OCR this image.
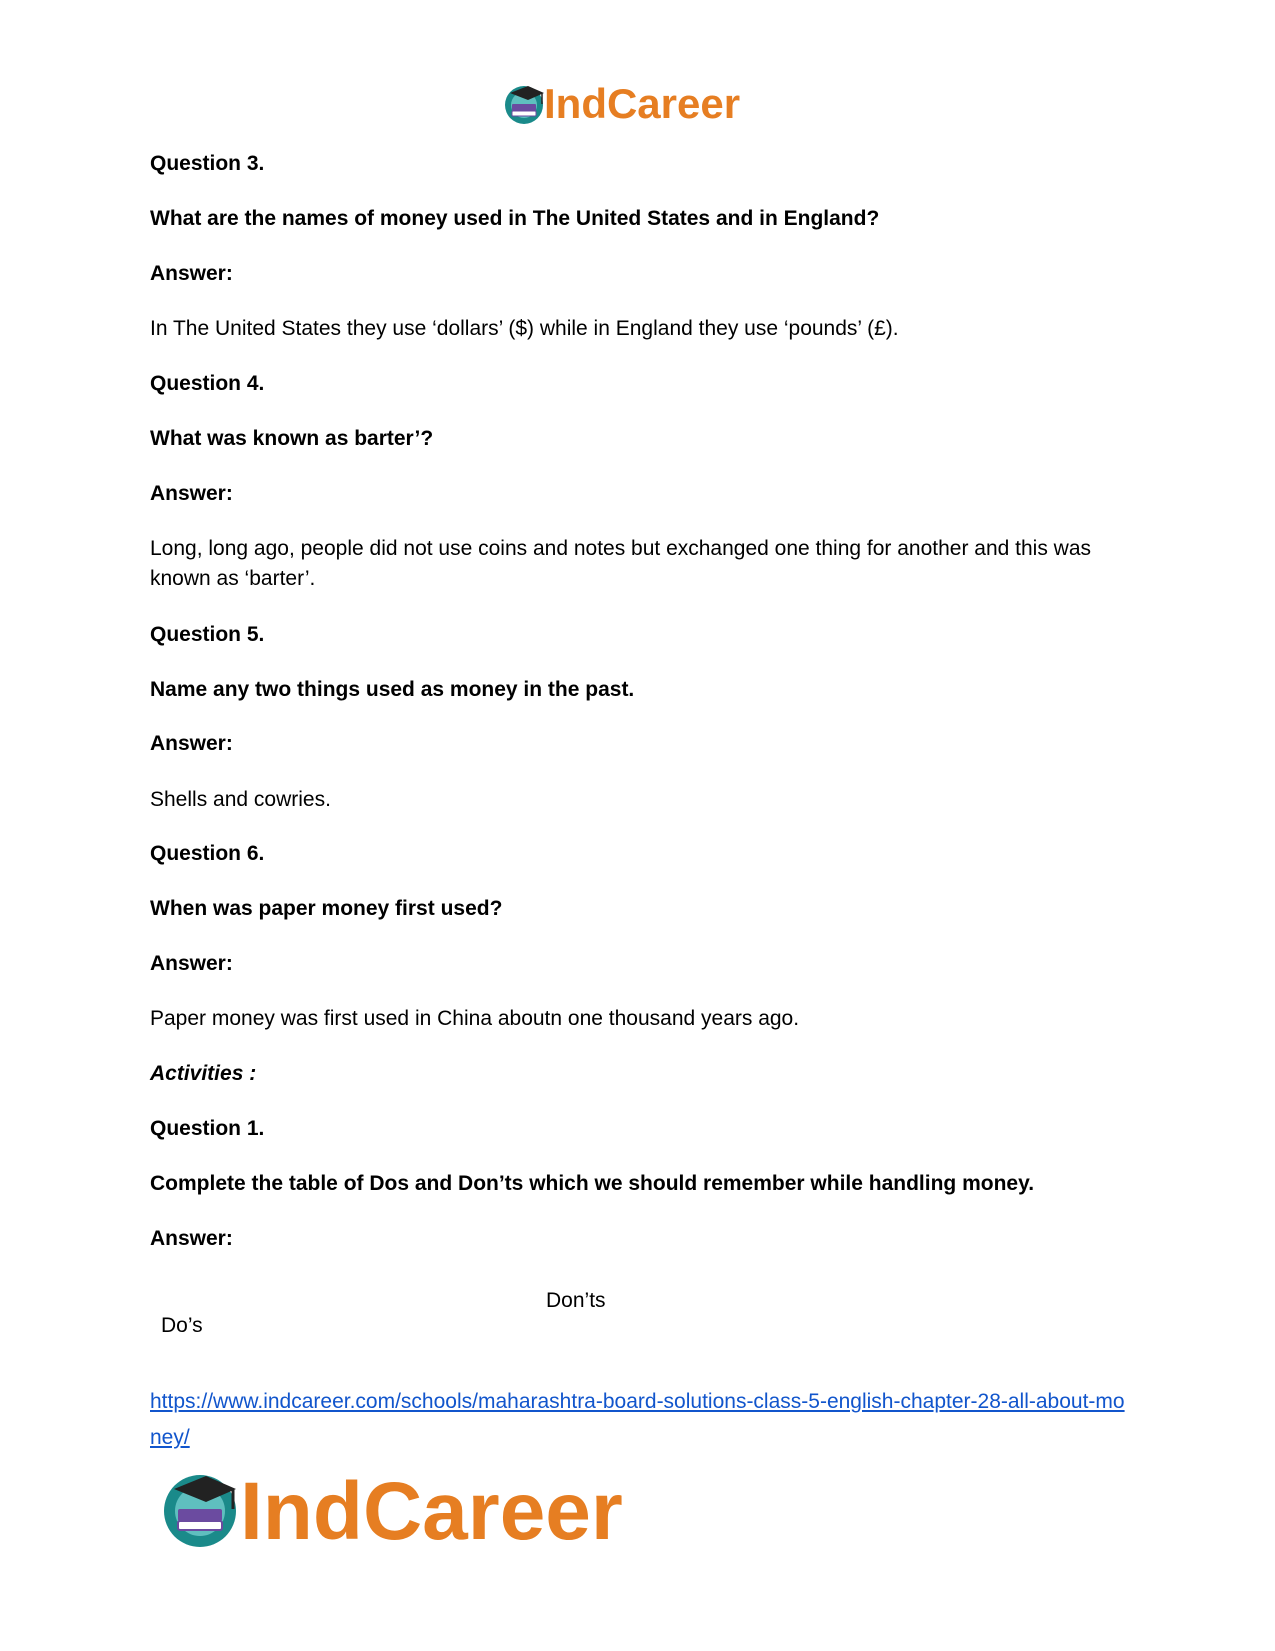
IndCareer

Question 3.

What are the names of money used in The United States and in England?

Answer:

In The United States they use ‘dollars’ ($) while in England they use ‘pounds’ (£).

Question 4.

What was known as barter’?

Answer:

Long, long ago, people did not use coins and notes but exchanged one thing for another and this was known as ‘barter’.

Question 5.

Name any two things used as money in the past.

Answer:

Shells and cowries.

Question 6.

When was paper money first used?

Answer:

Paper money was first used in China aboutn one thousand years ago.

Activities :

Question 1.

Complete the table of Dos and Don’ts which we should remember while handling money.

Answer:

Don’ts
Do’s
https://www.indcareer.com/schools/maharashtra-board-solutions-class-5-english-chapter-28-all-about-money/
IndCareer
